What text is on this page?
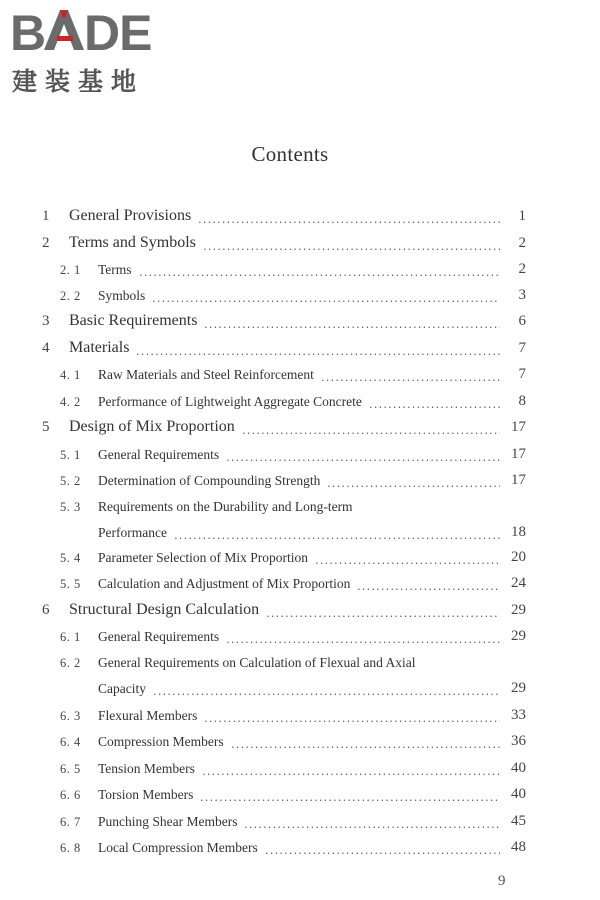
B DE
建装基地
Contents
1 General Provisions	1
•••••
2 Terms and Symbols	2
•••••
2. 1 Terms	2
•••••
2. 2 Symbols	3
•••••
3 Basic Requirements	6
•••••
4 Materials	7
•••••
4. 1 Raw Materials and Steel Reinforcement	7
•••••
4. 2 Performance of Lightweight Aggregate Concrete	8
•••••
5 Design of Mix Proportion	17
•••••
5. 1 General Requirements	17
•••••
5. 2 Determination of Compounding Strength	17
•••••
5. 3 Requirements on the Durability and Long-term
Performance	18
•••••
5. 4 Parameter Selection of Mix Proportion	20
•••••
5. 5 Calculation and Adjustment of Mix Proportion	24
•••••
6 Structural Design Calculation	29
•••••
6. 1 General Requirements	29
•••••
6. 2 General Requirements on Calculation of Flexual and Axial
Capacity	29
•••••
6. 3 Flexural Members	33
•••••
6. 4 Compression Members	36
•••••
6. 5 Tension Members	40
•••••
6. 6 Torsion Members	40
•••••
6. 7 Punching Shear Members	45
•••••
6. 8 Local Compression Members	48
•••••
9
